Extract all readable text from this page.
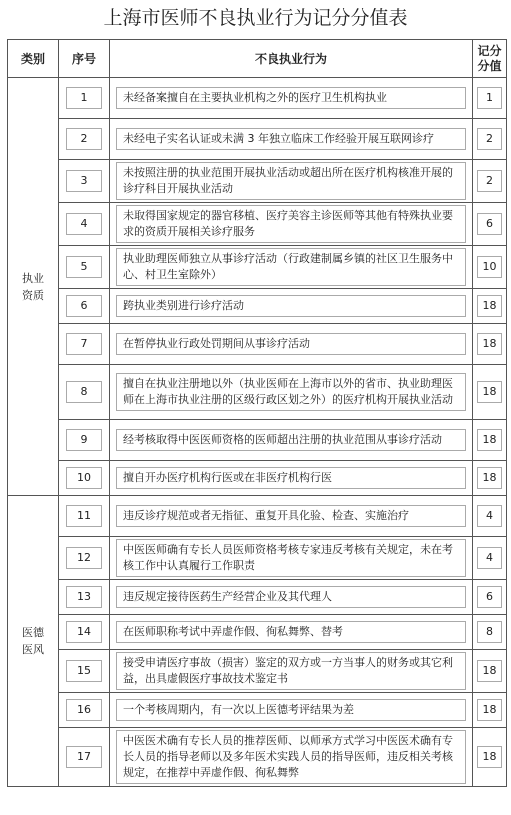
上海市医师不良执业行为记分分值表
类别	序号	不良执业行为	记分
分值

执业
资质	1	未经备案擅自在主要执业机构之外的医疗卫生机构执业	1

	2	未经电子实名认证或未满 3 年独立临床工作经验开展互联网诊疗	2

	3	未按照注册的执业范围开展执业活动或超出所在医疗机构核准开展的诊疗科目开展执业活动	2

	4	未取得国家规定的器官移植、医疗美容主诊医师等其他有特殊执业要求的资质开展相关诊疗服务	6

	5	执业助理医师独立从事诊疗活动（行政建制属乡镇的社区卫生服务中心、村卫生室除外）	10

	6	跨执业类别进行诊疗活动	18

	7	在暂停执业行政处罚期间从事诊疗活动	18

	8	擅自在执业注册地以外（执业医师在上海市以外的省市、执业助理医师在上海市执业注册的区级行政区划之外）的医疗机构开展执业活动	18

	9	经考核取得中医医师资格的医师超出注册的执业范围从事诊疗活动	18

	10	擅自开办医疗机构行医或在非医疗机构行医	18

医德
医风	11	违反诊疗规范或者无指征、重复开具化验、检查、实施治疗	4

	12	中医医师确有专长人员医师资格考核专家违反考核有关规定，未在考核工作中认真履行工作职责	4

	13	违反规定接待医药生产经营企业及其代理人	6

	14	在医师职称考试中弄虚作假、徇私舞弊、替考	8

	15	接受申请医疗事故（损害）鉴定的双方或一方当事人的财务或其它利益，出具虚假医疗事故技术鉴定书	18

	16	一个考核周期内，有一次以上医德考评结果为差	18

	17	中医医术确有专长人员的推荐医师、以师承方式学习中医医术确有专长人员的指导老师以及多年医术实践人员的指导医师，违反相关考核规定，在推荐中弄虚作假、徇私舞弊	18
